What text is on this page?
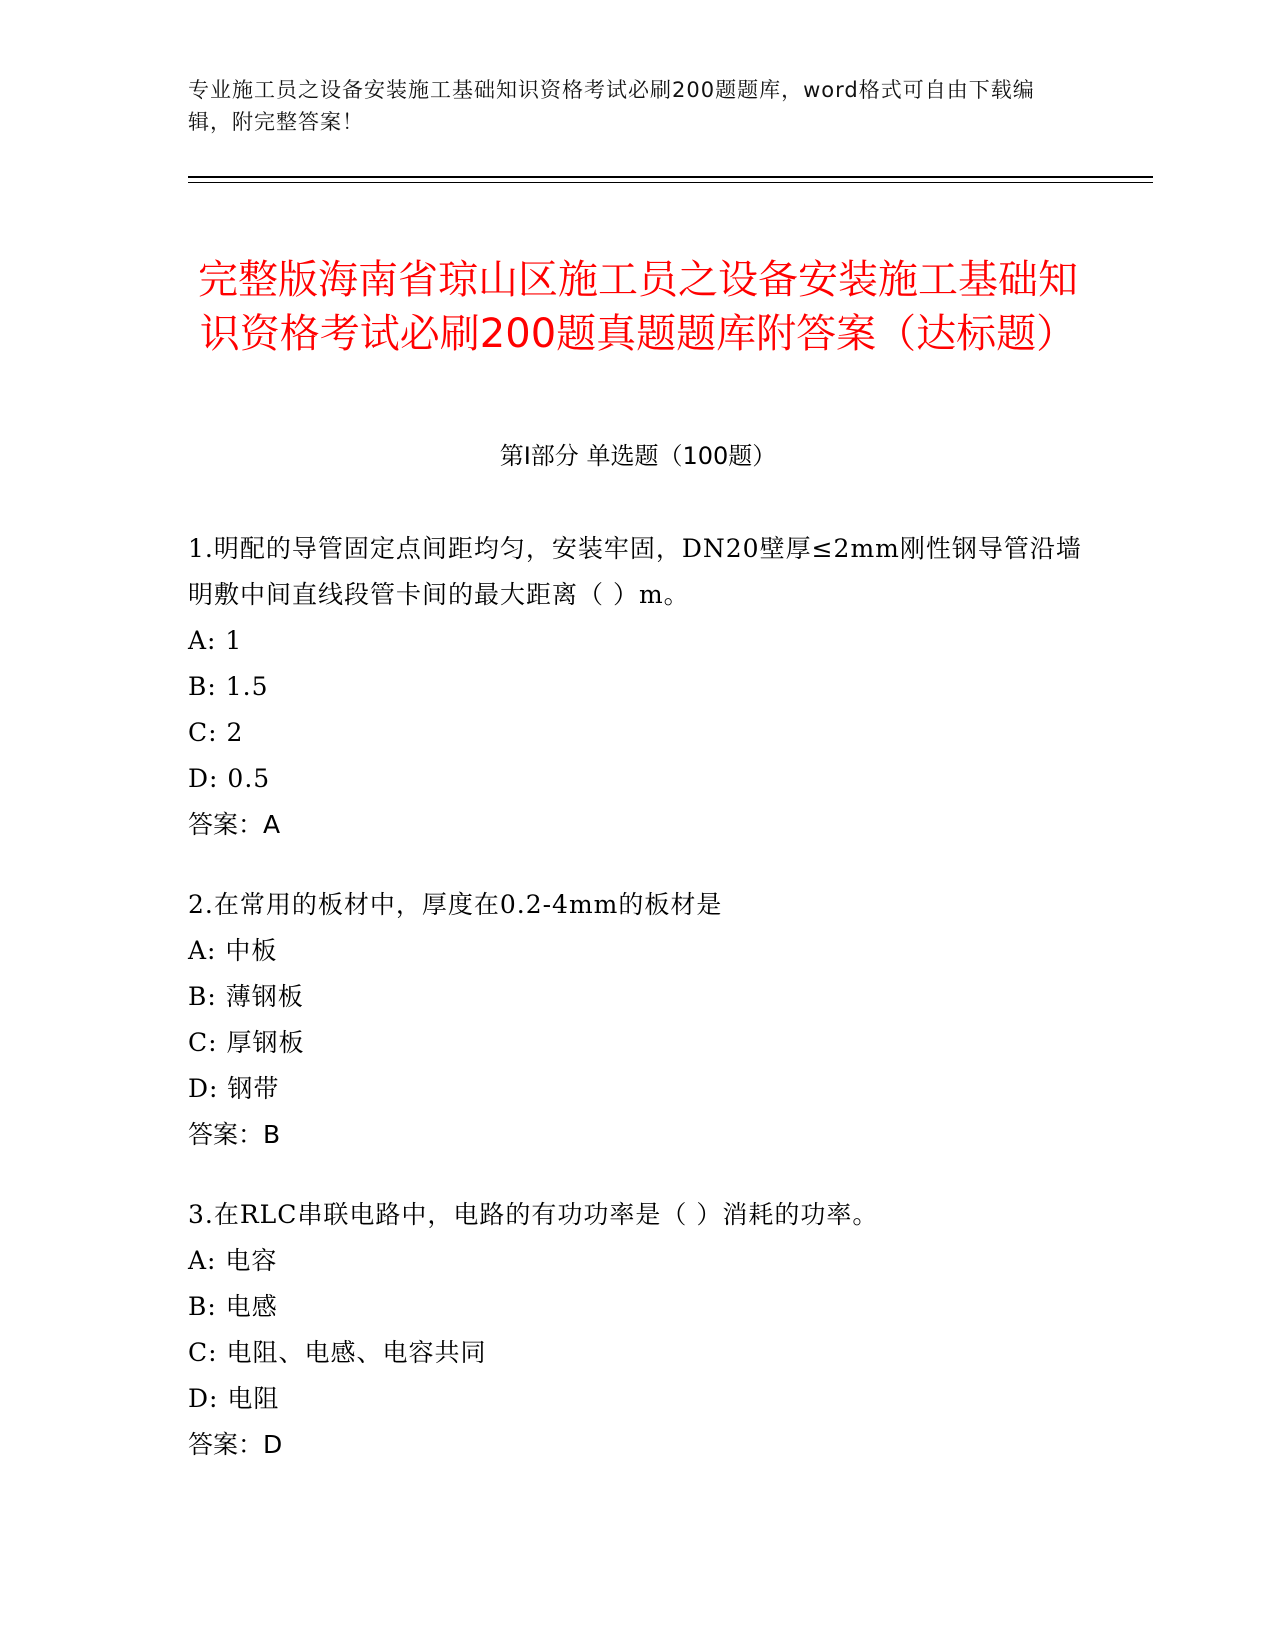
专业施工员之设备安装施工基础知识资格考试必刷200题题库，word格式可自由下载编辑，附完整答案！
完整版海南省琼山区施工员之设备安装施工基础知识资格考试必刷200题真题题库附答案（达标题）
第I部分 单选题（100题）

1.明配的导管固定点间距均匀，安装牢固，DN20壁厚≤2mm刚性钢导管沿墙明敷中间直线段管卡间的最大距离（ ）m。

A: 1

B: 1.5

C: 2

D: 0.5

答案：A

2.在常用的板材中，厚度在0.2-4mm的板材是

A: 中板

B: 薄钢板

C: 厚钢板

D: 钢带

答案：B

3.在RLC串联电路中，电路的有功功率是（ ）消耗的功率。

A: 电容

B: 电感

C: 电阻、电感、电容共同

D: 电阻

答案：D
